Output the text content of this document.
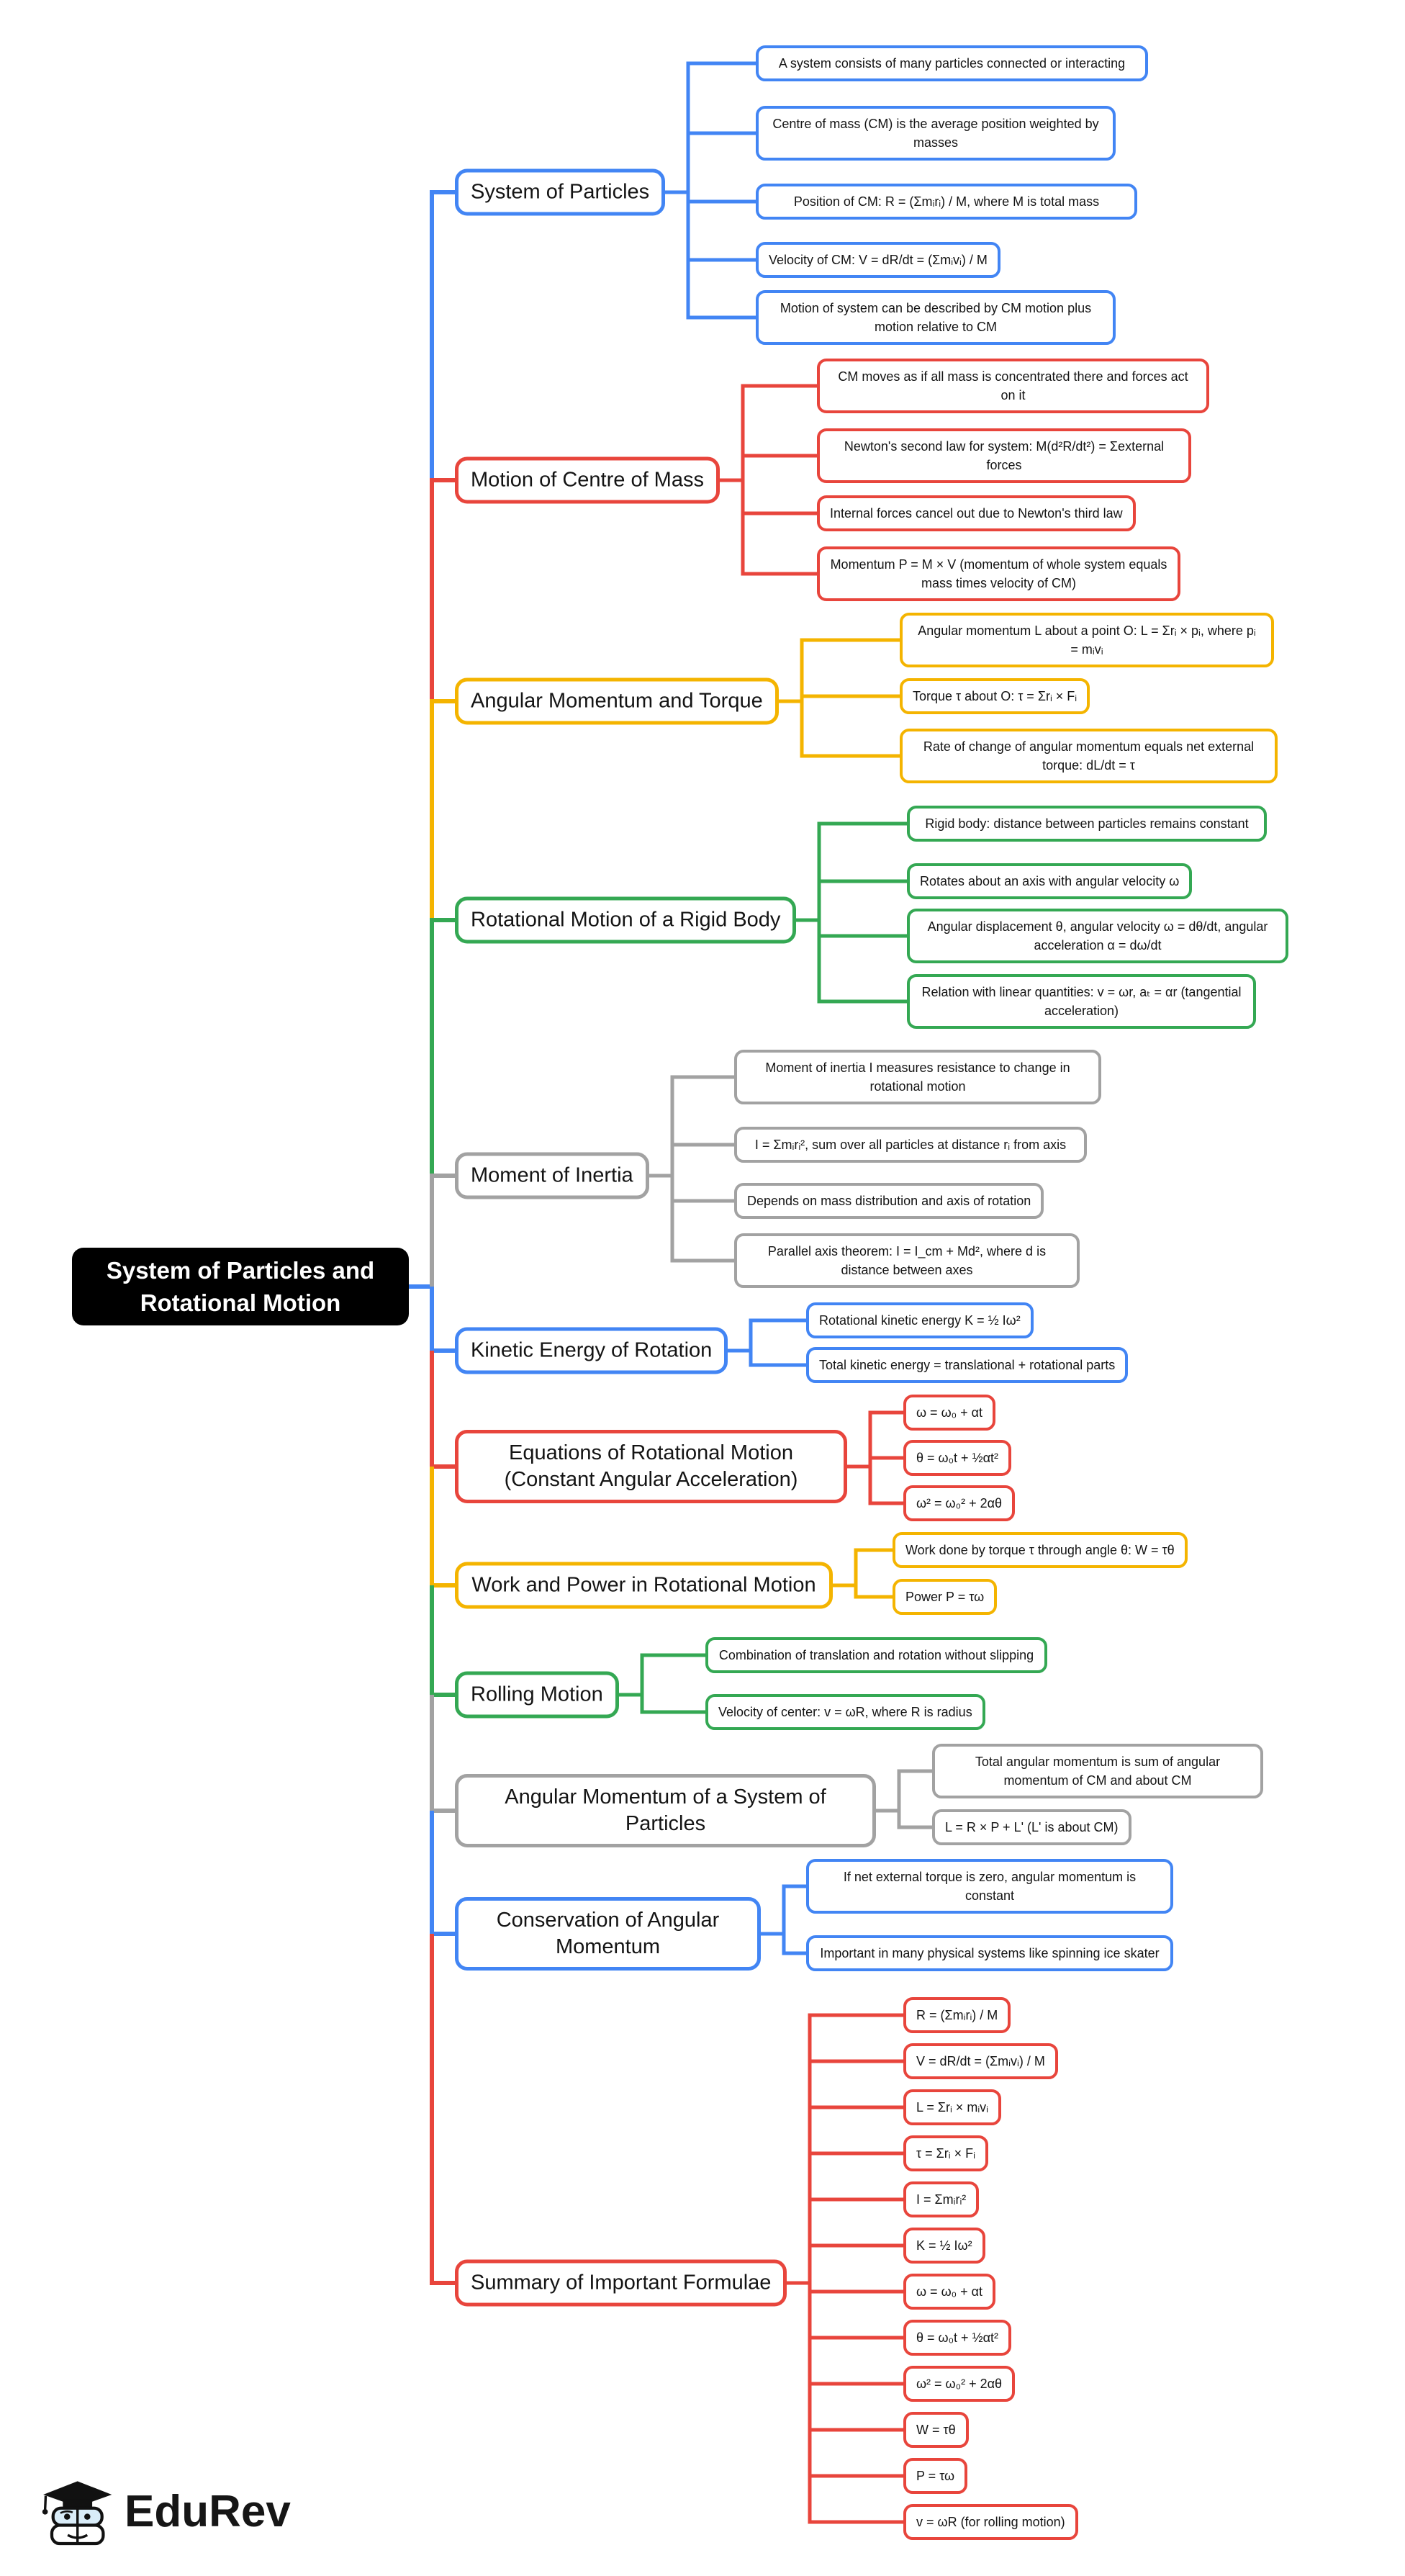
System of Particles and Rotational Motion
EduRev
System of Particles
A system consists of many particles connected or interacting
Centre of mass (CM) is the average position weighted by masses
Position of CM: R = (Σmᵢrᵢ) / M, where M is total mass
Velocity of CM: V = dR/dt = (Σmᵢvᵢ) / M
Motion of system can be described by CM motion plus motion relative to CM
Motion of Centre of Mass
CM moves as if all mass is concentrated there and forces act on it
Newton's second law for system: M(d²R/dt²) = Σexternal forces
Internal forces cancel out due to Newton's third law
Momentum P = M × V (momentum of whole system equals mass times velocity of CM)
Angular Momentum and Torque
Angular momentum L about a point O: L = Σrᵢ × pᵢ, where pᵢ = mᵢvᵢ
Torque τ about O: τ = Σrᵢ × Fᵢ
Rate of change of angular momentum equals net external torque: dL/dt = τ
Rotational Motion of a Rigid Body
Rigid body: distance between particles remains constant
Rotates about an axis with angular velocity ω
Angular displacement θ, angular velocity ω = dθ/dt, angular acceleration α = dω/dt
Relation with linear quantities: v = ωr, aₜ = αr (tangential acceleration)
Moment of Inertia
Moment of inertia I measures resistance to change in rotational motion
I = Σmᵢrᵢ², sum over all particles at distance rᵢ from axis
Depends on mass distribution and axis of rotation
Parallel axis theorem: I = I_cm + Md², where d is distance between axes
Kinetic Energy of Rotation
Rotational kinetic energy K = ½ Iω²
Total kinetic energy = translational + rotational parts
Equations of Rotational Motion (Constant Angular Acceleration)
ω = ω₀ + αt
θ = ω₀t + ½αt²
ω² = ω₀² + 2αθ
Work and Power in Rotational Motion
Work done by torque τ through angle θ: W = τθ
Power P = τω
Rolling Motion
Combination of translation and rotation without slipping
Velocity of center: v = ωR, where R is radius
Angular Momentum of a System of Particles
Total angular momentum is sum of angular momentum of CM and about CM
L = R × P + L' (L' is about CM)
Conservation of Angular Momentum
If net external torque is zero, angular momentum is constant
Important in many physical systems like spinning ice skater
Summary of Important Formulae
R = (Σmᵢrᵢ) / M
V = dR/dt = (Σmᵢvᵢ) / M
L = Σrᵢ × mᵢvᵢ
τ = Σrᵢ × Fᵢ
I = Σmᵢrᵢ²
K = ½ Iω²
ω = ω₀ + αt
θ = ω₀t + ½αt²
ω² = ω₀² + 2αθ
W = τθ
P = τω
v = ωR (for rolling motion)
